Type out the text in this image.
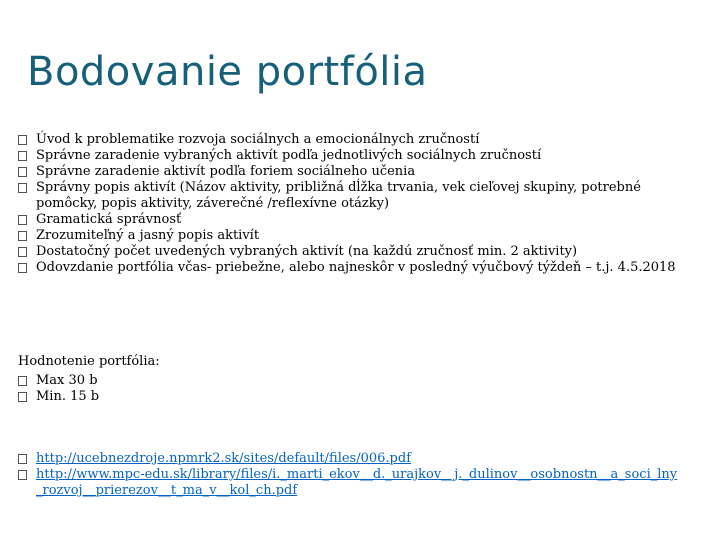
Bodovanie portfólia
Úvod k problematike rozvoja sociálnych a emocionálnych zručností
Správne zaradenie vybraných aktivít podľa jednotlivých sociálnych zručností
Správne zaradenie aktivít podľa foriem sociálneho učenia
Správny popis aktivít (Názov aktivity, približná dĺžka trvania, vek cieľovej skupiny, potrebné pomôcky, popis aktivity, záverečné /reflexívne otázky)
Gramatická správnosť
Zrozumiteľný a jasný popis aktivít
Dostatočný počet uvedených vybraných aktivít (na každú zručnosť min. 2 aktivity)
Odovzdanie portfólia včas- priebežne, alebo najneskôr v posledný výučbový týždeň – t.j. 4.5.2018
Hodnotenie portfólia:
Max 30 b
Min. 15 b
http://ucebnezdroje.npmrk2.sk/sites/default/files/006.pdf
http://www.mpc-edu.sk/library/files/i._marti_ekov__d._urajkov__j._dulinov__osobnostn__a_soci_lny_rozvoj__prierezov__t_ma_v__kol_ch.pdf
